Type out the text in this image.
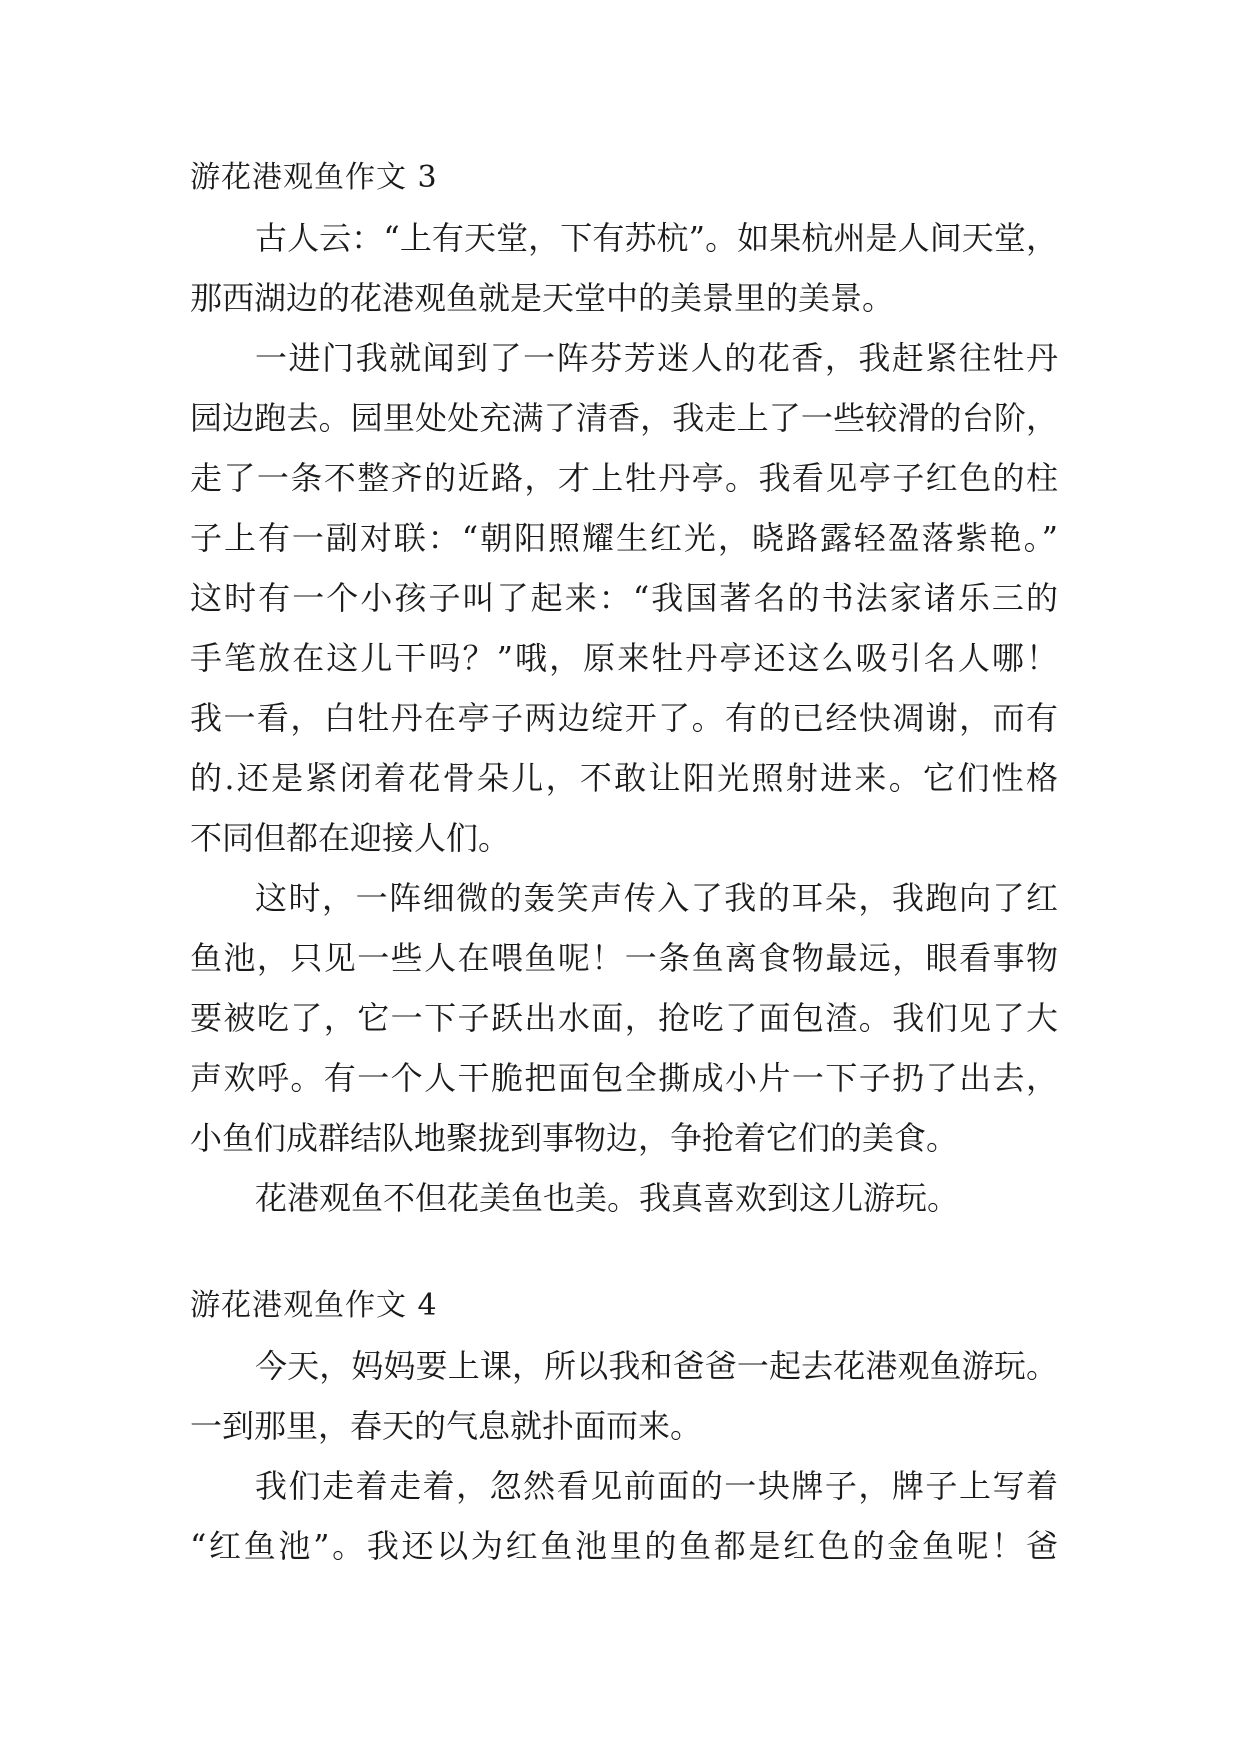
游花港观鱼作文 3

古人云：“上有天堂，下有苏杭”。如果杭州是人间天堂，
那西湖边的花港观鱼就是天堂中的美景里的美景。

一进门我就闻到了一阵芬芳迷人的花香，我赶紧往牡丹
园边跑去。园里处处充满了清香，我走上了一些较滑的台阶，
走了一条不整齐的近路，才上牡丹亭。我看见亭子红色的柱
子上有一副对联：“朝阳照耀生红光，晓路露轻盈落紫艳。”
这时有一个小孩子叫了起来：“我国著名的书法家诸乐三的
手笔放在这儿干吗？”哦，原来牡丹亭还这么吸引名人哪！
我一看，白牡丹在亭子两边绽开了。有的已经快凋谢，而有
的.还是紧闭着花骨朵儿，不敢让阳光照射进来。它们性格
不同但都在迎接人们。

这时，一阵细微的轰笑声传入了我的耳朵，我跑向了红
鱼池，只见一些人在喂鱼呢！一条鱼离食物最远，眼看事物
要被吃了，它一下子跃出水面，抢吃了面包渣。我们见了大
声欢呼。有一个人干脆把面包全撕成小片一下子扔了出去，
小鱼们成群结队地聚拢到事物边，争抢着它们的美食。

花港观鱼不但花美鱼也美。我真喜欢到这儿游玩。

游花港观鱼作文 4

今天，妈妈要上课，所以我和爸爸一起去花港观鱼游玩。
一到那里，春天的气息就扑面而来。

我们走着走着，忽然看见前面的一块牌子，牌子上写着
“红鱼池”。我还以为红鱼池里的鱼都是红色的金鱼呢！爸
